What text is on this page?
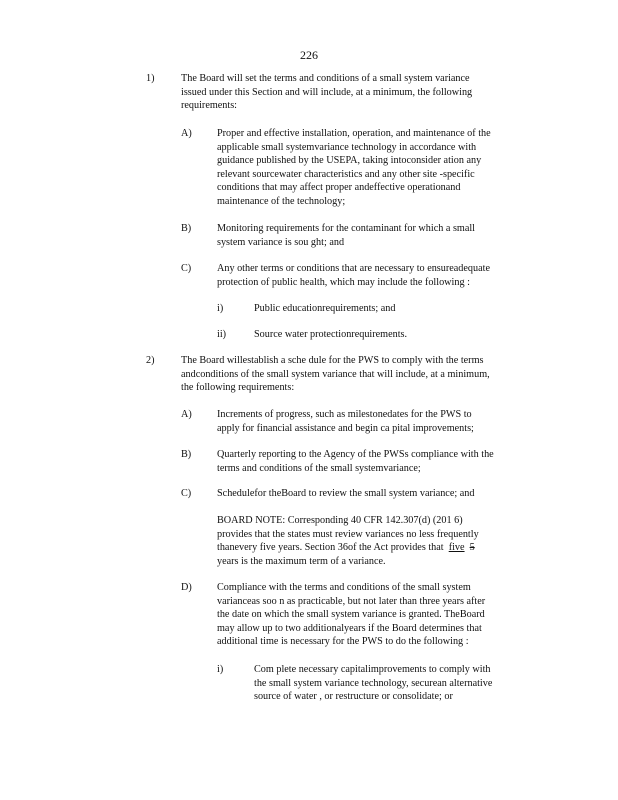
226
1)	The Board will set the terms and conditions of a small system variance
issued under this Section and will include, at a minimum, the following
requirements:
A) Proper and effective installation, operation, and maintenance of the
applicable small systemvariance technology in accordance with
guidance published by the USEPA, taking intoconsider ation any
relevant sourcewater characteristics and any other site -specific
conditions that may affect proper andeffective operationand
maintenance of the technology;
B)	Monitoring requirements for the contaminant for which a small
system variance is sou ght; and
C)	Any other terms or conditions that are necessary to ensureadequate
protection of public health, which may include the following :
i)	Public educationrequirements; and
ii)	Source water protectionrequirements.
2)	The Board willestablish a sche dule for the PWS to comply with the terms
andconditions of the small system variance that will include, at a minimum,
the following requirements:
A) Increments of progress, such as milestonedates for the PWS to
apply for financial assistance and begin ca pital improvements;
B)	Quarterly reporting to the Agency of the PWSs compliance with the
terms and conditions of the small systemvariance;
C)	Schedulefor theBoard to review the small system variance; and
BOARD NOTE: Corresponding 40 CFR 142.307(d) (201 6)
provides that the states must review variances no less frequently
thanevery five years. Section 36of the Act provides that five 5
years is the maximum term of a variance.
D) Compliance with the terms and conditions of the small system
varianceas soo n as practicable, but not later than three years after
the date on which the small system variance is granted. TheBoard
may allow up to two additionalyears if the Board determines that
additional time is necessary for the PWS to do the following :
i)	Com plete necessary capitalimprovements to comply with
the small system variance technology, securean alternative
source of water , or restructure or consolidate; or
